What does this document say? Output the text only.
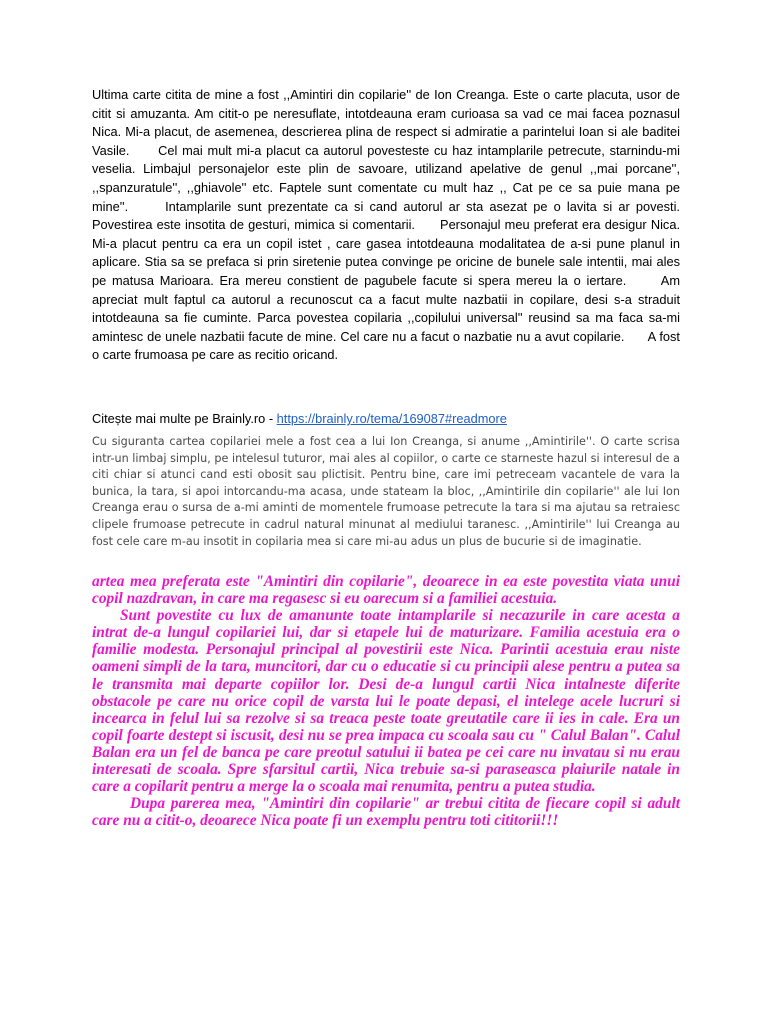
Ultima carte citita de mine a fost ,,Amintiri din copilarie'' de Ion Creanga. Este o carte placuta, usor de citit si amuzanta. Am citit-o pe neresuflate, intotdeauna eram curioasa sa vad ce mai facea poznasul Nica. Mi-a placut, de asemenea, descrierea plina de respect si admiratie a parintelui Ioan si ale baditei Vasile.      Cel mai mult mi-a placut ca autorul povesteste cu haz intamplarile petrecute, starnindu-mi veselia. Limbajul personajelor este plin de savoare, utilizand apelative de genul ,,mai porcane'', ,,spanzuratule'', ,,ghiavole'' etc. Faptele sunt comentate cu mult haz ,, Cat pe ce sa puie mana pe mine''.      Intamplarile sunt prezentate ca si cand autorul ar sta asezat pe o lavita si ar povesti. Povestirea este insotita de gesturi, mimica si comentarii.      Personajul meu preferat era desigur Nica. Mi-a placut pentru ca era un copil istet , care gasea intotdeauna modalitatea de a-si pune planul in aplicare. Stia sa se prefaca si prin siretenie putea convinge pe oricine de bunele sale intentii, mai ales pe matusa Marioara. Era mereu constient de pagubele facute si spera mereu la o iertare.      Am apreciat mult faptul ca autorul a recunoscut ca a facut multe nazbatii in copilare, desi s-a straduit intotdeauna sa fie cuminte. Parca povestea copilaria ,,copilului universal'' reusind sa ma faca sa-mi amintesc de unele nazbatii facute de mine. Cel care nu a facut o nazbatie nu a avut copilarie.      A fost o carte frumoasa pe care as recitio oricand.
Citește mai multe pe Brainly.ro - https://brainly.ro/tema/169087#readmore
Cu siguranta cartea copilariei mele a fost cea a lui Ion Creanga, si anume ,,Amintirile''. O carte scrisa intr-un limbaj simplu, pe intelesul tuturor, mai ales al copiilor, o carte ce starneste hazul si interesul de a citi chiar si atunci cand esti obosit sau plictisit. Pentru bine, care imi petreceam vacantele de vara la bunica, la tara, si apoi intorcandu-ma acasa, unde stateam la bloc, ,,Amintirile din copilarie'' ale lui Ion Creanga erau o sursa de a-mi aminti de momentele frumoase petrecute la tara si ma ajutau sa retraiesc clipele frumoase petrecute in cadrul natural minunat al mediului taranesc. ,,Amintirile'' lui Creanga au fost cele care m-au insotit in copilaria mea si care mi-au adus un plus de bucurie si de imaginatie.

artea mea preferata este "Amintiri din copilarie", deoarece in ea este povestita viata unui copil nazdravan, in care ma regasesc si eu oarecum si a familiei acestuia.

Sunt povestite cu lux de amanunte toate intamplarile si necazurile in care acesta a intrat de-a lungul copilariei lui, dar si etapele lui de maturizare. Familia acestuia era o familie modesta. Personajul principal al povestirii este Nica. Parintii acestuia erau niste oameni simpli de la tara, muncitori, dar cu o educatie si cu principii alese pentru a putea sa le transmita mai departe copiilor lor. Desi de-a lungul cartii Nica intalneste diferite obstacole pe care nu orice copil de varsta lui le poate depasi, el intelege acele lucruri si incearca in felul lui sa rezolve si sa treaca peste toate greutatile care ii ies in cale. Era un copil foarte destept si iscusit, desi nu se prea impaca cu scoala sau cu " Calul Balan". Calul Balan era un fel de banca pe care preotul satului ii batea pe cei care nu invatau si nu erau interesati de scoala. Spre sfarsitul cartii, Nica trebuie sa-si paraseasca plaiurile natale in care a copilarit pentru a merge la o scoala mai renumita, pentru a putea studia.

Dupa parerea mea, "Amintiri din copilarie" ar trebui citita de fiecare copil si adult care nu a citit-o, deoarece Nica poate fi un exemplu pentru toti cititorii!!!
